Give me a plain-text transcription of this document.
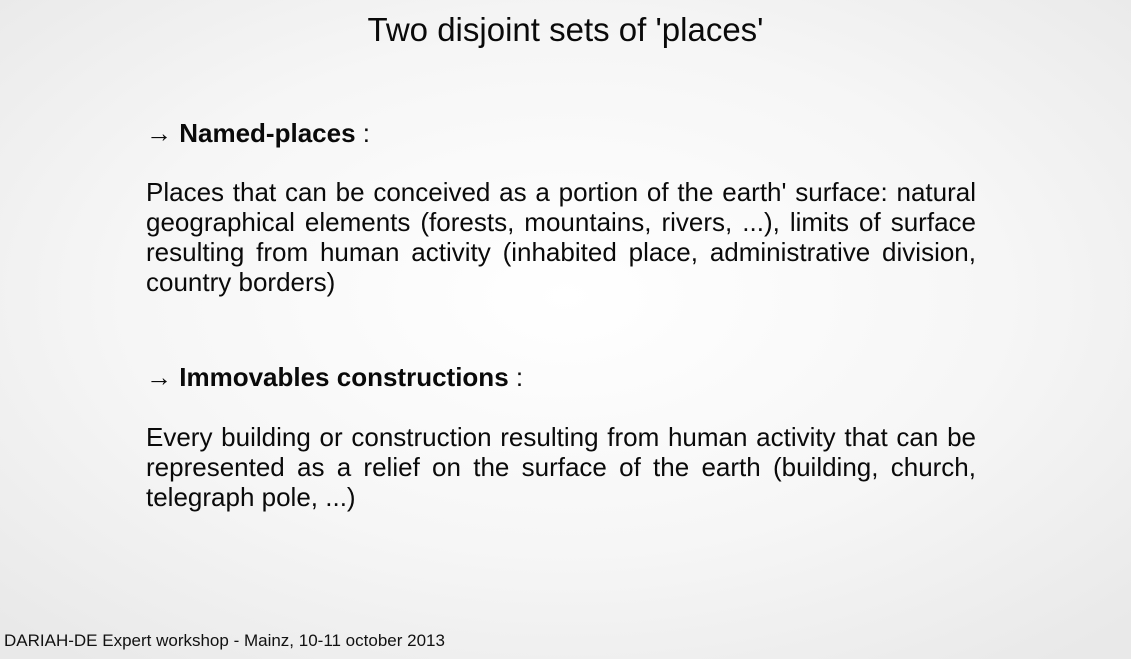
Two disjoint sets of 'places'

→ Named-places :

Places that can be conceived as a portion of the earth' surface: natural geographical elements (forests, mountains, rivers, ...), limits of surface resulting from human activity (inhabited place, administrative division, country borders)

→ Immovables constructions :

Every building or construction resulting from human activity that can be represented as a relief on the surface of the earth (building, church, telegraph pole, ...)

DARIAH-DE Expert workshop - Mainz, 10-11 october 2013
